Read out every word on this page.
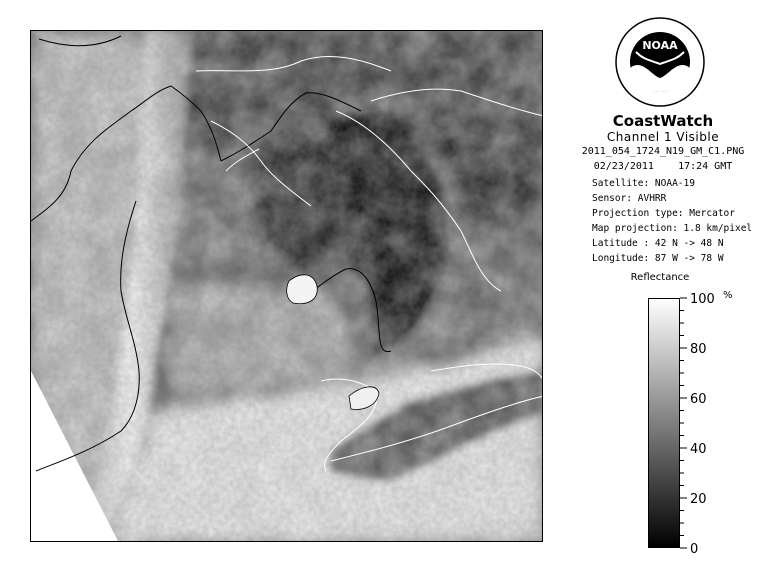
NOAA
CoastWatch
Channel 1 Visible
2011_054_1724_N19_GM_C1.PNG
02/23/2011 17:24 GMT
Satellite: NOAA-19
Sensor: AVHRR
Projection type: Mercator
Map projection: 1.8 km/pixel
Latitude : 42 N -> 48 N
Longitude: 87 W -> 78 W
Reflectance
0
20
40
60
80
100 %
